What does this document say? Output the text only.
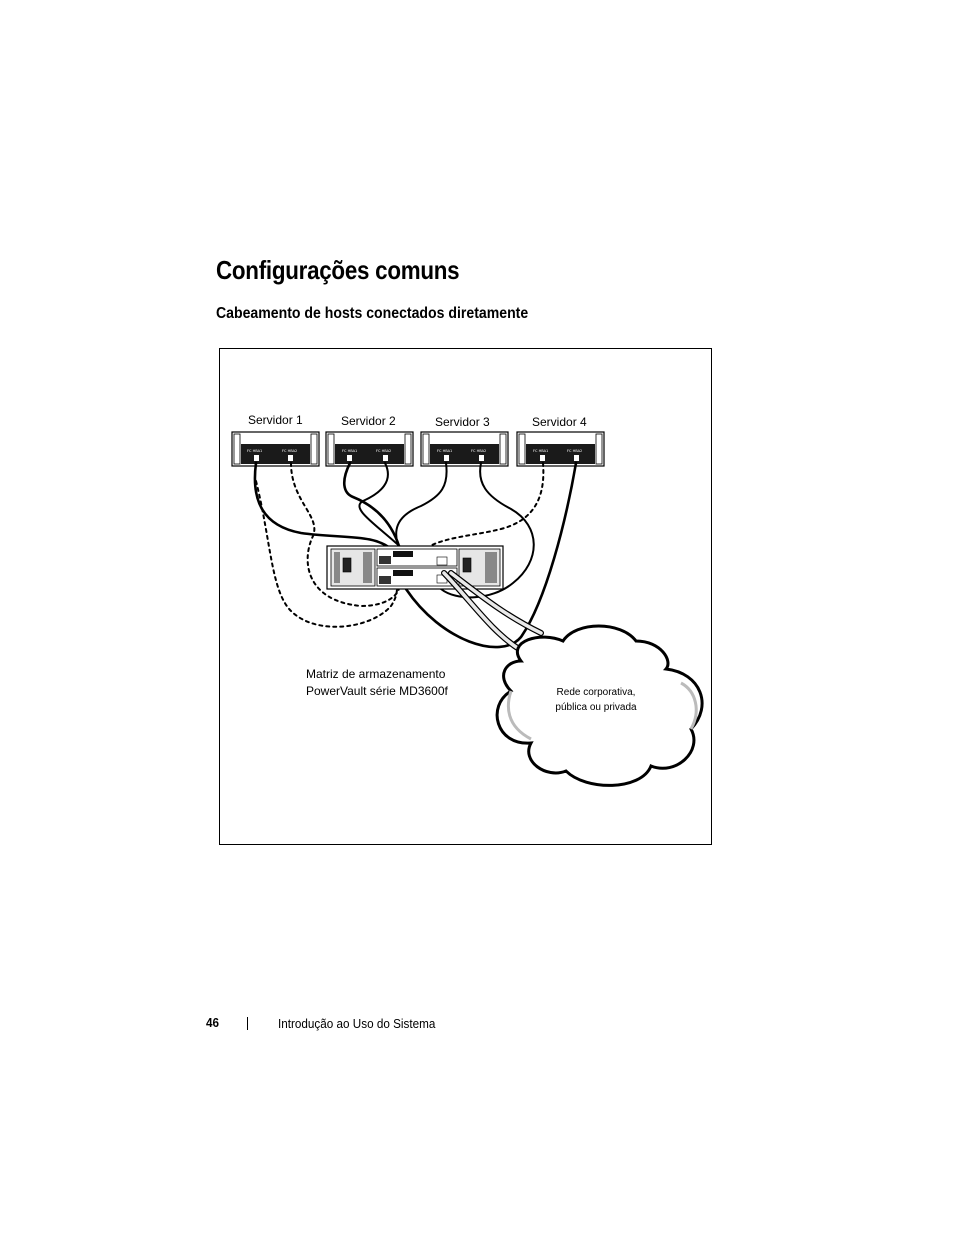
Configurações comuns
Cabeamento de hosts conectados diretamente
Servidor 1	Servidor 2	Servidor 3	Servidor 4
FC HBA1	FC HBA2	FC HBA1	FC HBA2	FC HBA1	FC HBA2	FC HBA1	FC HBA2
Rede corporativa,
pública ou privada
Matriz de armazenamento
PowerVault série MD3600f
46	Introdução ao Uso do Sistema
